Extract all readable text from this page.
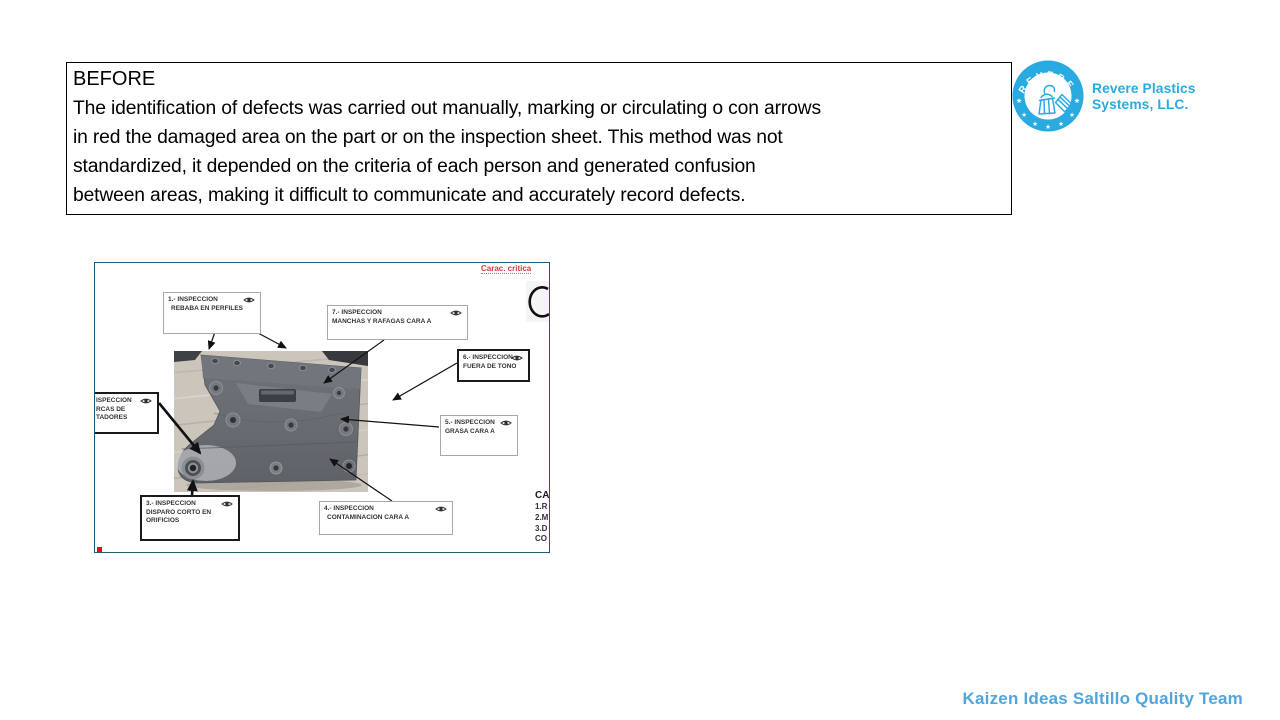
BEFORE
The identification of defects was carried out manually, marking or circulating o con arrows
in red the damaged area on the part or on the inspection sheet. This method was not
standardized, it depended on the criteria of each person and generated confusion
between areas, making it difficult to communicate and accurately record defects.
REVERE
★	★
★
★ ★ ★
★
Revere Plastics
Systems, LLC.
Carac. critica
1.- INSPECCION
REBABA EN PERFILES
7.- INSPECCION
MANCHAS Y RAFAGAS CARA A
6.- INSPECCION
FUERA DE TONO
ISPECCION
RCAS DE
TADORES
5.- INSPECCION
GRASA CARA A
3.- INSPECCION
DISPARO CORTO EN
ORIFICIOS
4.- INSPECCION
CONTAMINACION CARA A
CA
1.R
2.M
3.D
CO
Kaizen Ideas Saltillo Quality Team
